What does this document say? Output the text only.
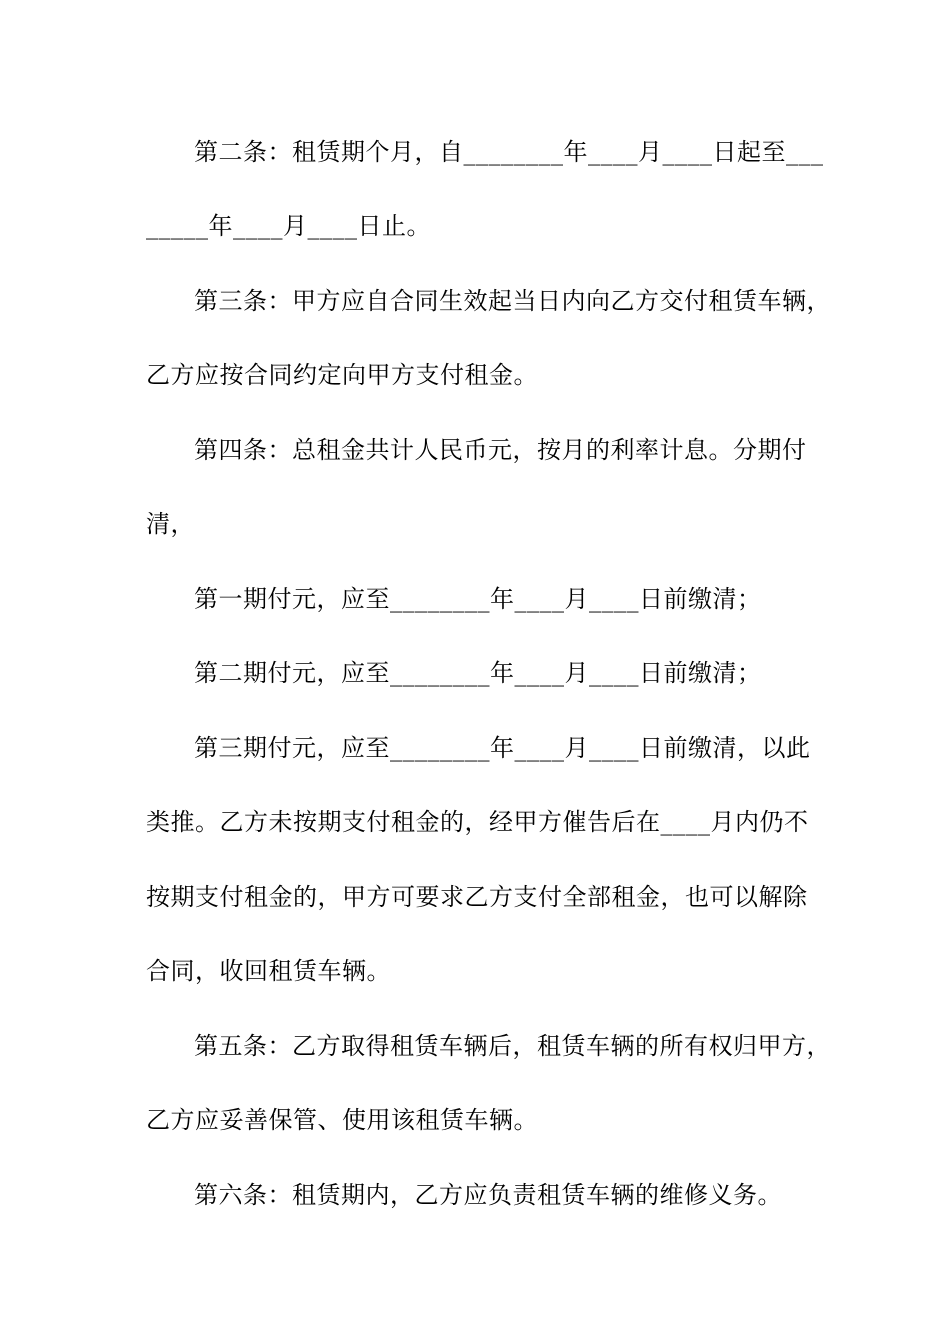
第二条：租赁期个月，自________年____月____日起至___
_____年____月____日止。
第三条：甲方应自合同生效起当日内向乙方交付租赁车辆，
乙方应按合同约定向甲方支付租金。
第四条：总租金共计人民币元，按月的利率计息。分期付
清，
第一期付元，应至________年____月____日前缴清；
第二期付元，应至________年____月____日前缴清；
第三期付元，应至________年____月____日前缴清，以此
类推。乙方未按期支付租金的，经甲方催告后在____月内仍不
按期支付租金的，甲方可要求乙方支付全部租金，也可以解除
合同，收回租赁车辆。
第五条：乙方取得租赁车辆后，租赁车辆的所有权归甲方，
乙方应妥善保管、使用该租赁车辆。
第六条：租赁期内，乙方应负责租赁车辆的维修义务。
